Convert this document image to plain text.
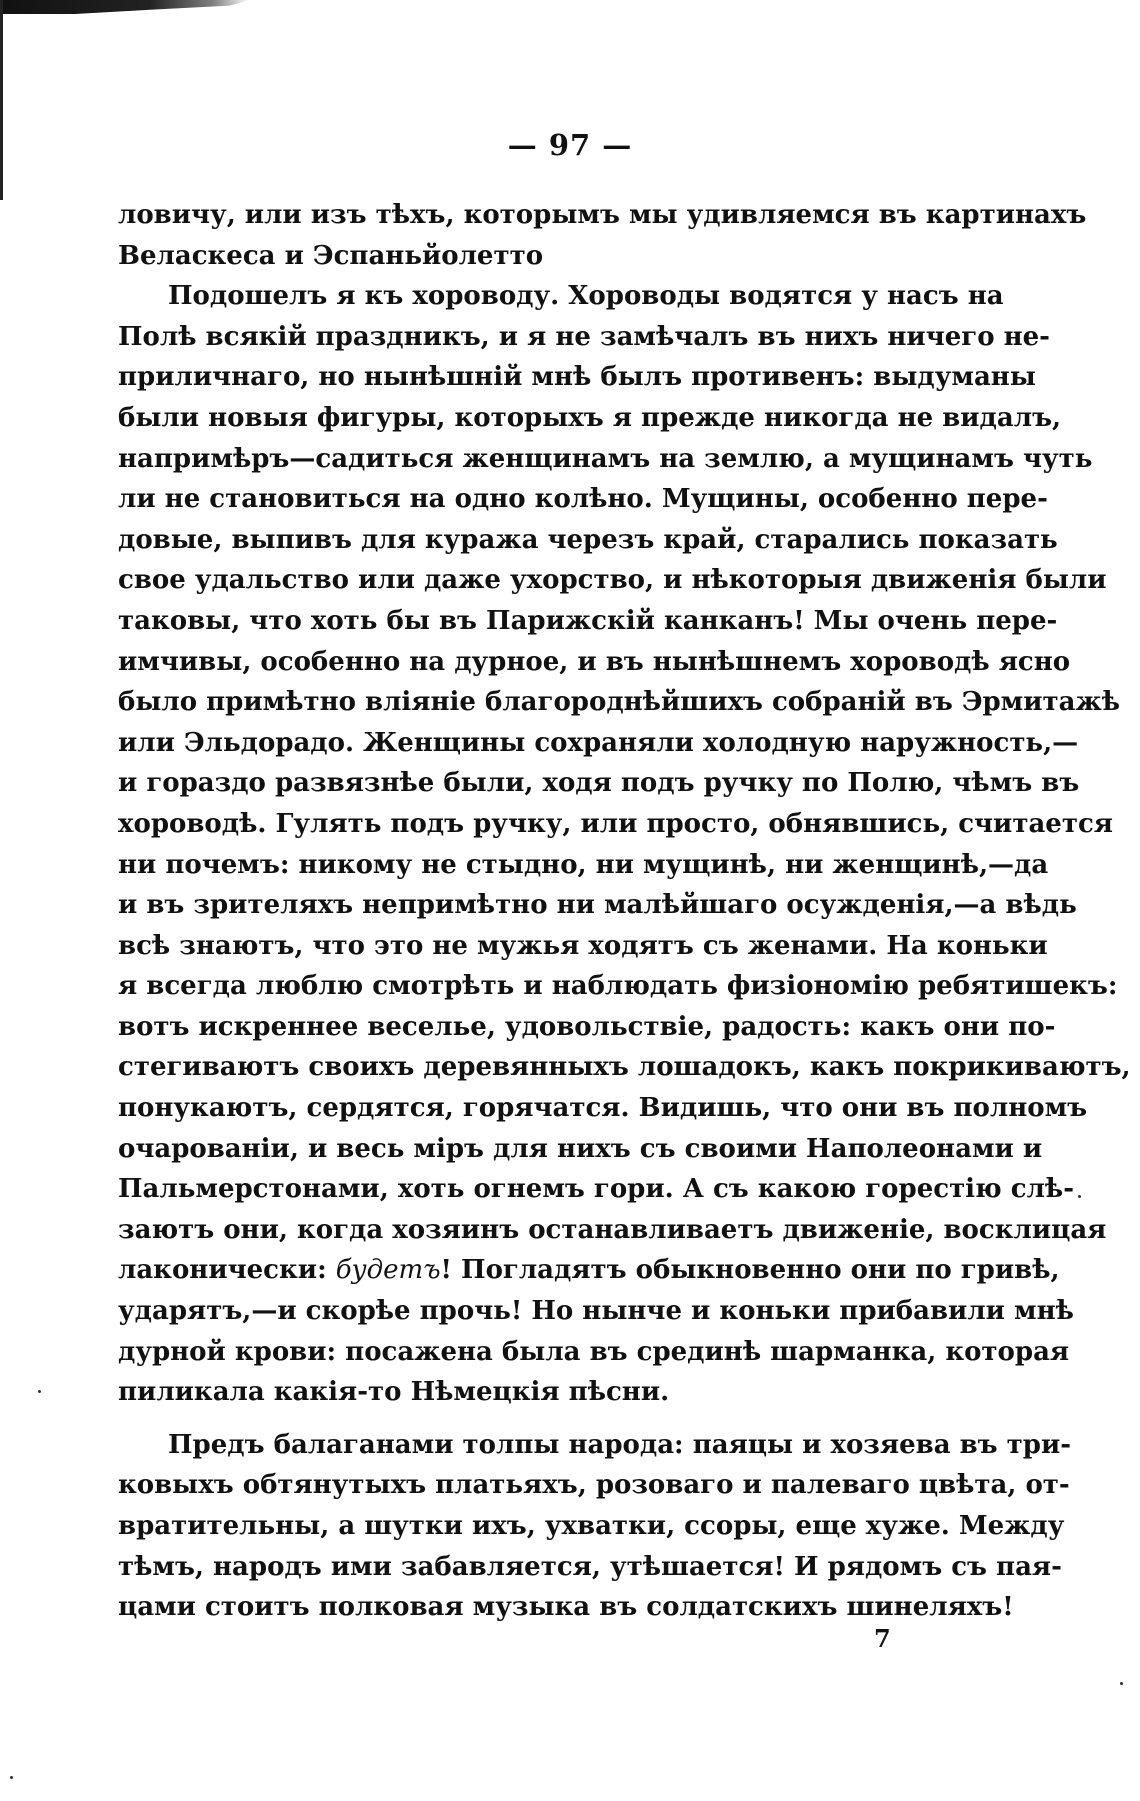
— 97 —
ловичу, или изъ тѣхъ, которымъ мы удивляемся въ картинахъ
Веласкеса и Эспаньйолетто
Подошелъ я къ хороводу. Хороводы водятся у насъ на
Полѣ всякій праздникъ, и я не замѣчалъ въ нихъ ничего не-
приличнаго, но нынѣшній мнѣ былъ противенъ: выдуманы
были новыя фигуры, которыхъ я прежде никогда не видалъ,
напримѣръ—садиться женщинамъ на землю, а мущинамъ чуть
ли не становиться на одно колѣно. Мущины, особенно пере-
довые, выпивъ для куража черезъ край, старались показать
свое удальство или даже ухорство, и нѣкоторыя движенія были
таковы, что хоть бы въ Парижскій канканъ! Мы очень пере-
имчивы, особенно на дурное, и въ нынѣшнемъ хороводѣ ясно
было примѣтно вліяніе благороднѣйшихъ собраній въ Эрмитажѣ
или Эльдорадо. Женщины сохраняли холодную наружность,—
и гораздо развязнѣе были, ходя подъ ручку по Полю, чѣмъ въ
хороводѣ. Гулять подъ ручку, или просто, обнявшись, считается
ни почемъ: никому не стыдно, ни мущинѣ, ни женщинѣ,—да
и въ зрителяхъ непримѣтно ни малѣйшаго осужденія,—а вѣдь
всѣ знаютъ, что это не мужья ходятъ съ женами. На коньки
я всегда люблю смотрѣть и наблюдать физіономію ребятишекъ:
вотъ искреннее веселье, удовольствіе, радость: какъ они по-
стегиваютъ своихъ деревянныхъ лошадокъ, какъ покрикиваютъ,
понукаютъ, сердятся, горячатся. Видишь, что они въ полномъ
очарованіи, и весь міръ для нихъ съ своими Наполеонами и
Пальмерстонами, хоть огнемъ гори. А съ какою горестію слѣ-
заютъ они, когда хозяинъ останавливаетъ движеніе, восклицая
лаконически: будетъ! Погладятъ обыкновенно они по гривѣ,
ударятъ,—и скорѣе прочь! Но нынче и коньки прибавили мнѣ
дурной крови: посажена была въ срединѣ шарманка, которая
пиликала какія-то Нѣмецкія пѣсни.
Предъ балаганами толпы народа: паяцы и хозяева въ три-
ковыхъ обтянутыхъ платьяхъ, розоваго и палеваго цвѣта, от-
вратительны, а шутки ихъ, ухватки, ссоры, еще хуже. Между
тѣмъ, народъ ими забавляется, утѣшается! И рядомъ съ пая-
цами стоитъ полковая музыка въ солдатскихъ шинеляхъ!
7
